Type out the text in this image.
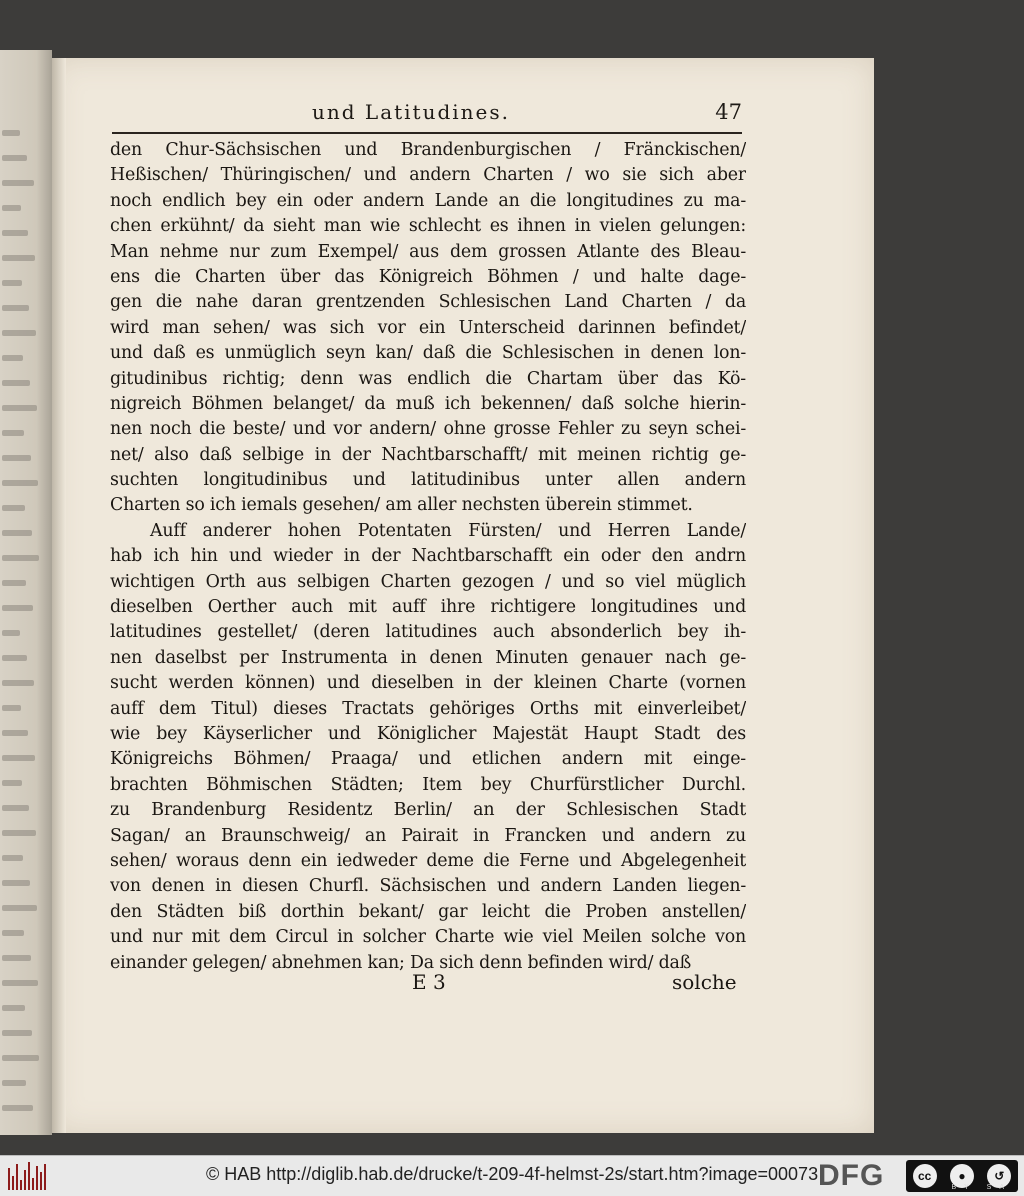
und Latitudines.	47
den Chur-Sächsischen und Brandenburgischen / Fränckischen/
Heßischen/ Thüringischen/ und andern Charten / wo sie sich aber
noch endlich bey ein oder andern Lande an die longitudines zu ma-
chen erkühnt/ da sieht man wie schlecht es ihnen in vielen gelungen:
Man nehme nur zum Exempel/ aus dem grossen Atlante des Bleau-
ens die Charten über das Königreich Böhmen / und halte dage-
gen die nahe daran grentzenden Schlesischen Land Charten / da
wird man sehen/ was sich vor ein Unterscheid darinnen befindet/
und daß es unmüglich seyn kan/ daß die Schlesischen in denen lon-
gitudinibus richtig; denn was endlich die Chartam über das Kö-
nigreich Böhmen belanget/ da muß ich bekennen/ daß solche hierin-
nen noch die beste/ und vor andern/ ohne grosse Fehler zu seyn schei-
net/ also daß selbige in der Nachtbarschafft/ mit meinen richtig ge-
suchten longitudinibus und latitudinibus unter allen andern
Charten so ich iemals gesehen/ am aller nechsten überein stimmet.
Auff anderer hohen Potentaten Fürsten/ und Herren Lande/
hab ich hin und wieder in der Nachtbarschafft ein oder den andrn
wichtigen Orth aus selbigen Charten gezogen / und so viel müglich
dieselben Oerther auch mit auff ihre richtigere longitudines und
latitudines gestellet/ (deren latitudines auch absonderlich bey ih-
nen daselbst per Instrumenta in denen Minuten genauer nach ge-
sucht werden können) und dieselben in der kleinen Charte (vornen
auff dem Titul) dieses Tractats gehöriges Orths mit einverleibet/
wie bey Käyserlicher und Königlicher Majestät Haupt Stadt des
Königreichs Böhmen/ Praaga/ und etlichen andern mit einge-
brachten Böhmischen Städten; Item bey Churfürstlicher Durchl.
zu Brandenburg Residentz Berlin/ an der Schlesischen Stadt
Sagan/ an Braunschweig/ an Pairait in Francken und andern zu
sehen/ woraus denn ein iedweder deme die Ferne und Abgelegenheit
von denen in diesen Churfl. Sächsischen und andern Landen liegen-
den Städten biß dorthin bekant/ gar leicht die Proben anstellen/
und nur mit dem Circul in solcher Charte wie viel Meilen solche von
einander gelegen/ abnehmen kan; Da sich denn befinden wird/ daß
E 3	solche
© HAB http://diglib.hab.de/drucke/t-209-4f-helmst-2s/start.htm?image=00073 DFG	cc	●	↺
BY SA
